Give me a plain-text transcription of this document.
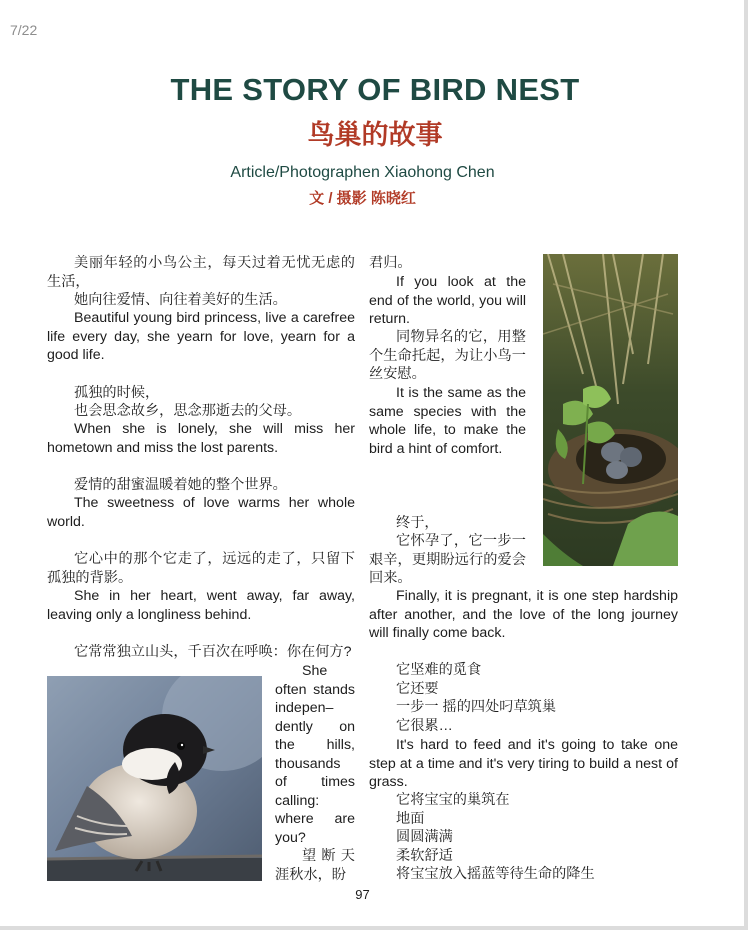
7/22
THE STORY OF BIRD NEST
鸟巢的故事
Article/Photographen Xiaohong Chen
文 / 摄影 陈晓红

美丽年轻的小鸟公主，每天过着无忧无虑的生活，

她向往爱情、向往着美好的生活。

Beautiful young bird princess, live a carefree life every day, she yearn for love, yearn for a good life.

孤独的时候，

也会思念故乡，思念那逝去的父母。

When she is lonely, she will miss her hometown and miss the lost parents.

爱情的甜蜜温暖着她的整个世界。

The sweetness of love warms her whole world.

它心中的那个它走了，远远的走了，只留下孤独的背影。

She in her heart, went away, far away, leaving only a longliness behind.

它常常独立山头，千百次在呼唤：你在何方?

She often stands indepen–dently on the hills, thousands of times calling: where are you?

望断天涯秋水，盼

君归。

If you look at the end of the world, you will return.

同物异名的它，用整个生命托起，为让小鸟一丝安慰。

It is the same as the same species with the whole life, to make the bird a hint of comfort.

终于，

它怀孕了，它一步一艰辛，更期盼远行的爱会回来。

Finally, it is pregnant, it is one step hardship after another, and the love of the long journey will finally come back.

它坚难的觅食

它还要

一步一 摇的四处叼草筑巢

它很累…

It's hard to feed and it's going to take one step at a time and it's very tiring to build a nest of grass.

它将宝宝的巢筑在

地面

圆圆满满

柔软舒适

将宝宝放入摇蓝等待生命的降生

97
